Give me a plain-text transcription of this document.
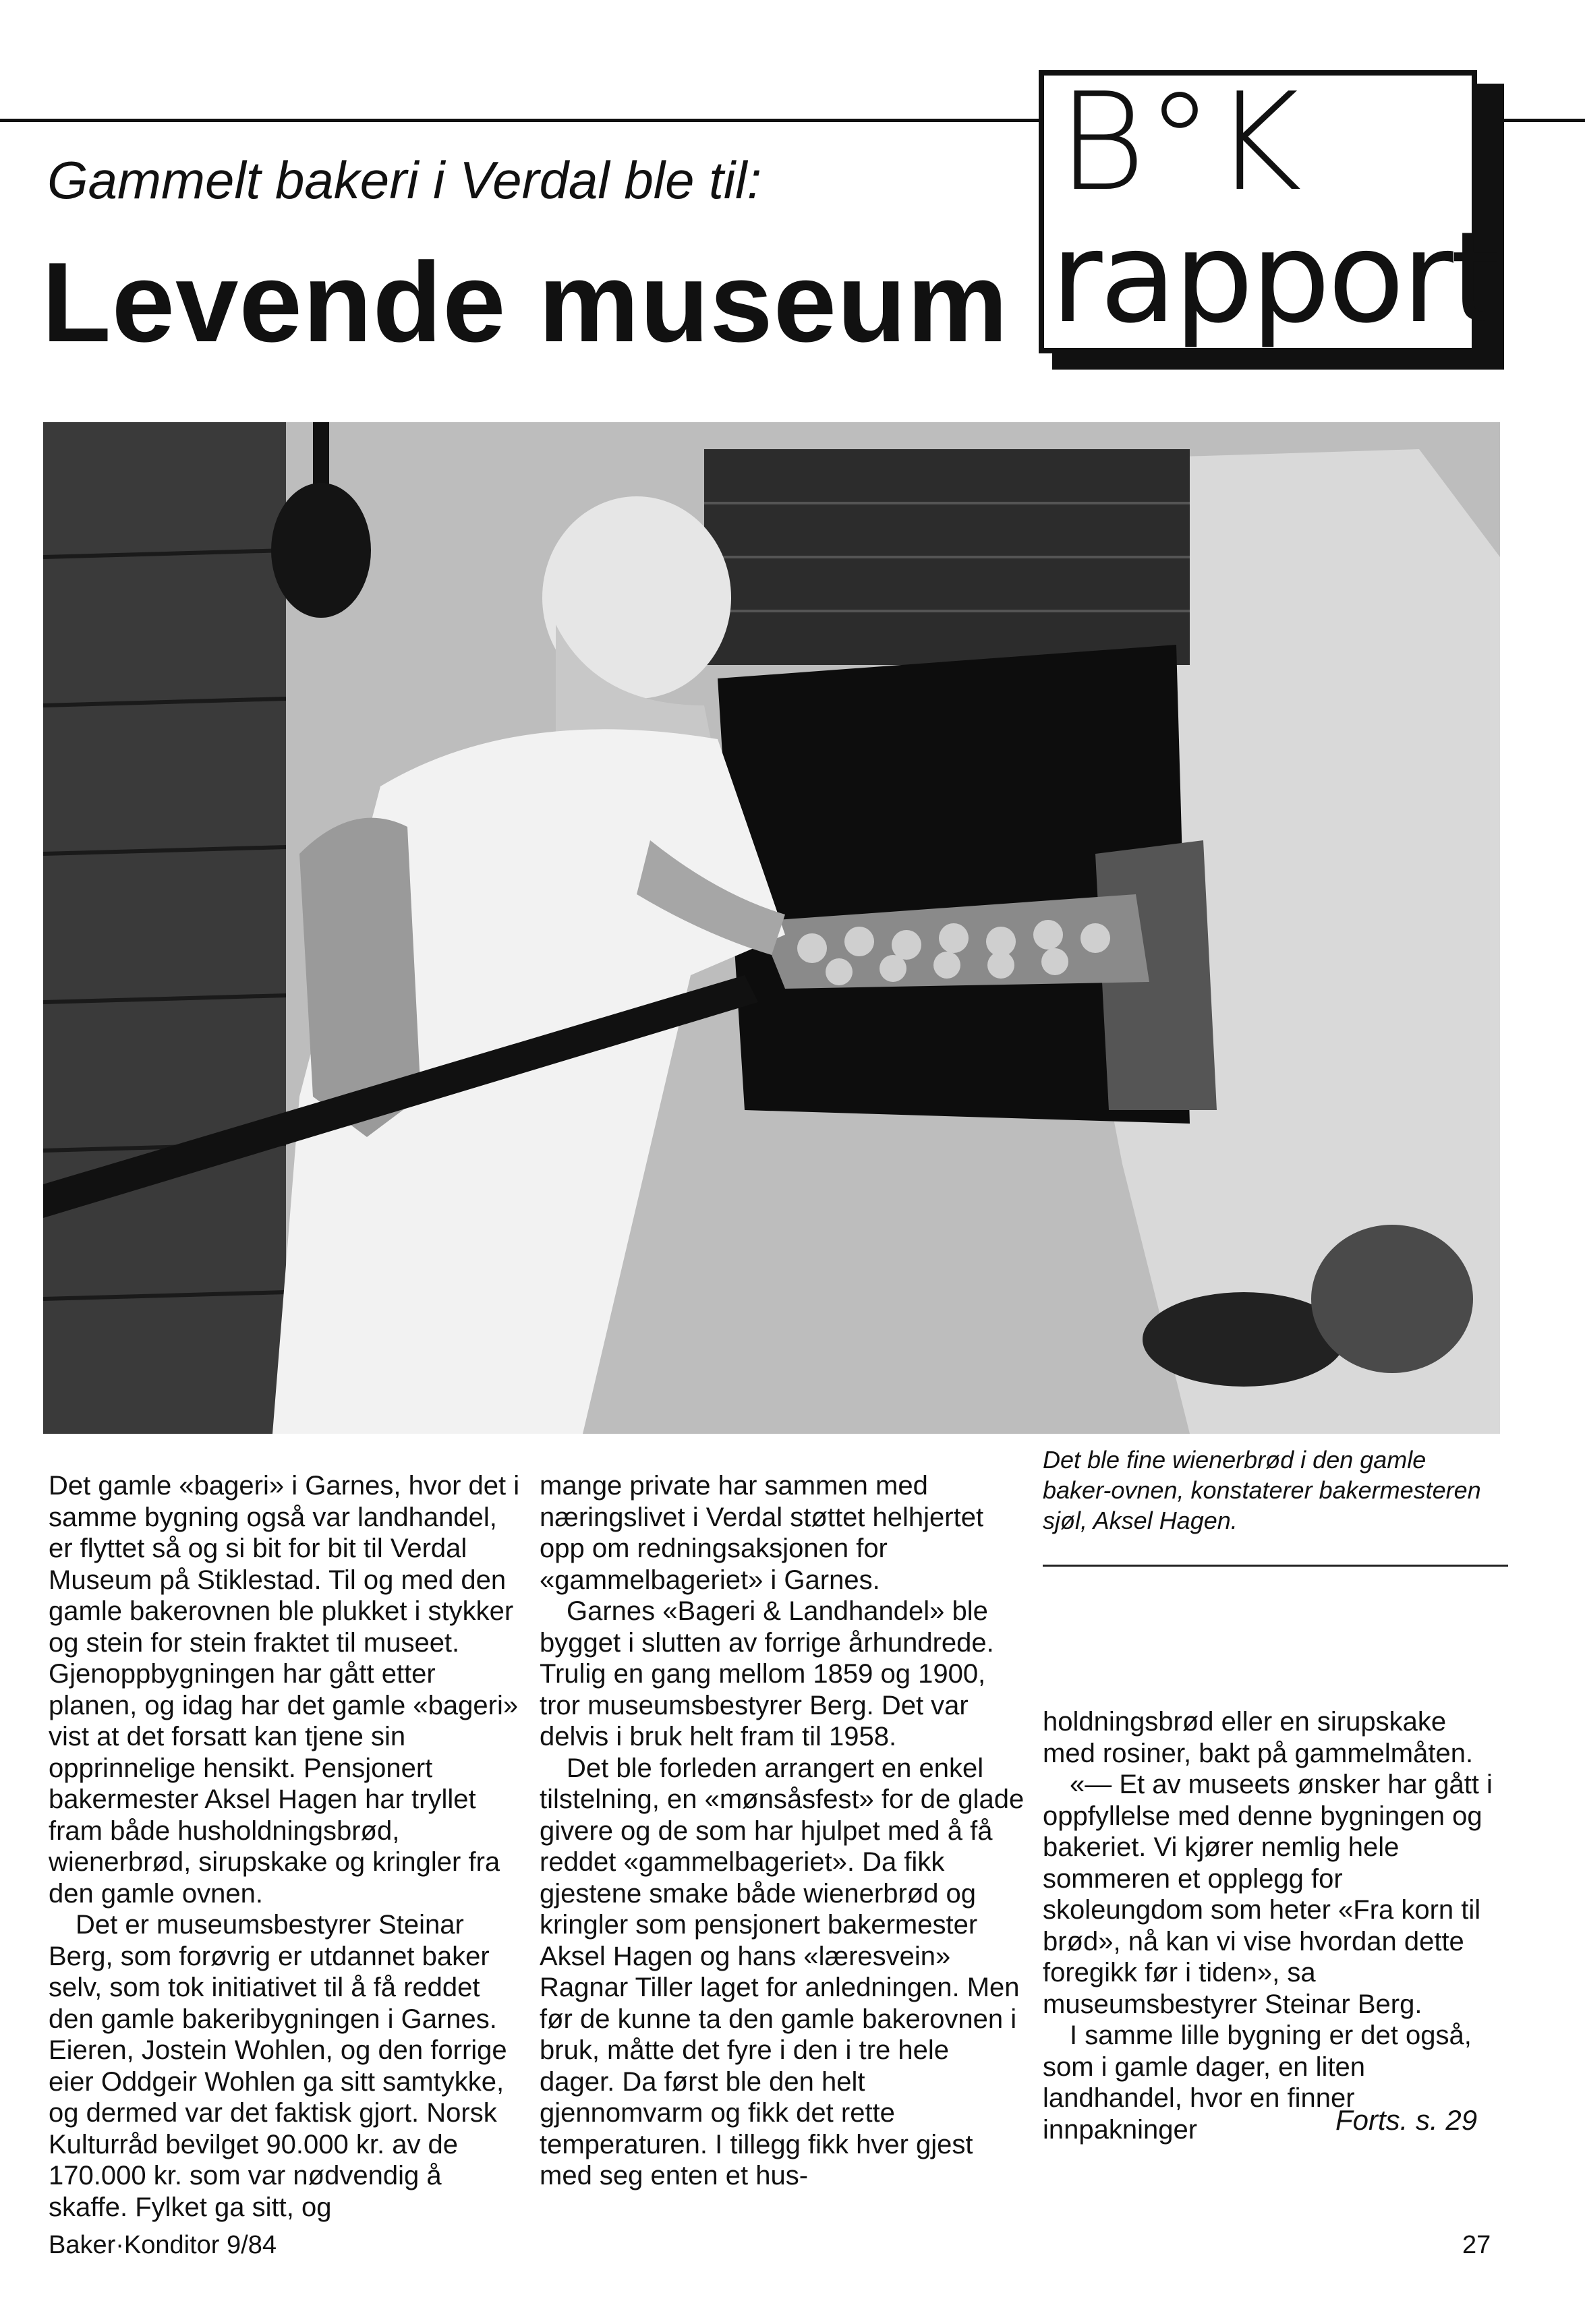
Gammelt bakeri i Verdal ble til:
Levende museum
B°K
rapport
Det ble fine wienerbrød i den gamle baker-ovnen, konstaterer bakermesteren sjøl, Aksel Hagen.

Det gamle «bageri» i Garnes, hvor det i samme bygning også var landhandel, er flyttet så og si bit for bit til Verdal Museum på Stiklestad. Til og med den gamle bakerovnen ble plukket i stykker og stein for stein fraktet til museet. Gjenoppbygningen har gått etter planen, og idag har det gamle «bageri» vist at det forsatt kan tjene sin opprinnelige hensikt. Pensjonert bakermester Aksel Hagen har tryllet fram både husholdningsbrød, wienerbrød, sirupskake og kringler fra den gamle ovnen.

Det er museumsbestyrer Steinar Berg, som forøvrig er utdannet baker selv, som tok initiativet til å få reddet den gamle bakeribygningen i Garnes. Eieren, Jostein Wohlen, og den forrige eier Oddgeir Wohlen ga sitt samtykke, og dermed var det faktisk gjort. Norsk Kulturråd bevilget 90.000 kr. av de 170.000 kr. som var nødvendig å skaffe. Fylket ga sitt, og

mange private har sammen med næringslivet i Verdal støttet helhjertet opp om redningsaksjonen for «gammelbageriet» i Garnes.

Garnes «Bageri & Landhandel» ble bygget i slutten av forrige århundrede. Trulig en gang mellom 1859 og 1900, tror museumsbestyrer Berg. Det var delvis i bruk helt fram til 1958.

Det ble forleden arrangert en enkel tilstelning, en «mønsåsfest» for de glade givere og de som har hjulpet med å få reddet «gammelbageriet». Da fikk gjestene smake både wienerbrød og kringler som pensjonert bakermester Aksel Hagen og hans «læresvein» Ragnar Tiller laget for anledningen. Men før de kunne ta den gamle bakerovnen i bruk, måtte det fyre i den i tre hele dager. Da først ble den helt gjennomvarm og fikk det rette temperaturen. I tillegg fikk hver gjest med seg enten et hus-

holdningsbrød eller en sirupskake med rosiner, bakt på gammelmåten.

«— Et av museets ønsker har gått i oppfyllelse med denne bygningen og bakeriet. Vi kjører nemlig hele sommeren et opplegg for skoleungdom som heter «Fra korn til brød», nå kan vi vise hvordan dette foregikk før i tiden», sa museumsbestyrer Steinar Berg.

I samme lille bygning er det også, som i gamle dager, en liten landhandel, hvor en finner innpakninger	Forts. s. 29
Baker·Konditor 9/84	27
